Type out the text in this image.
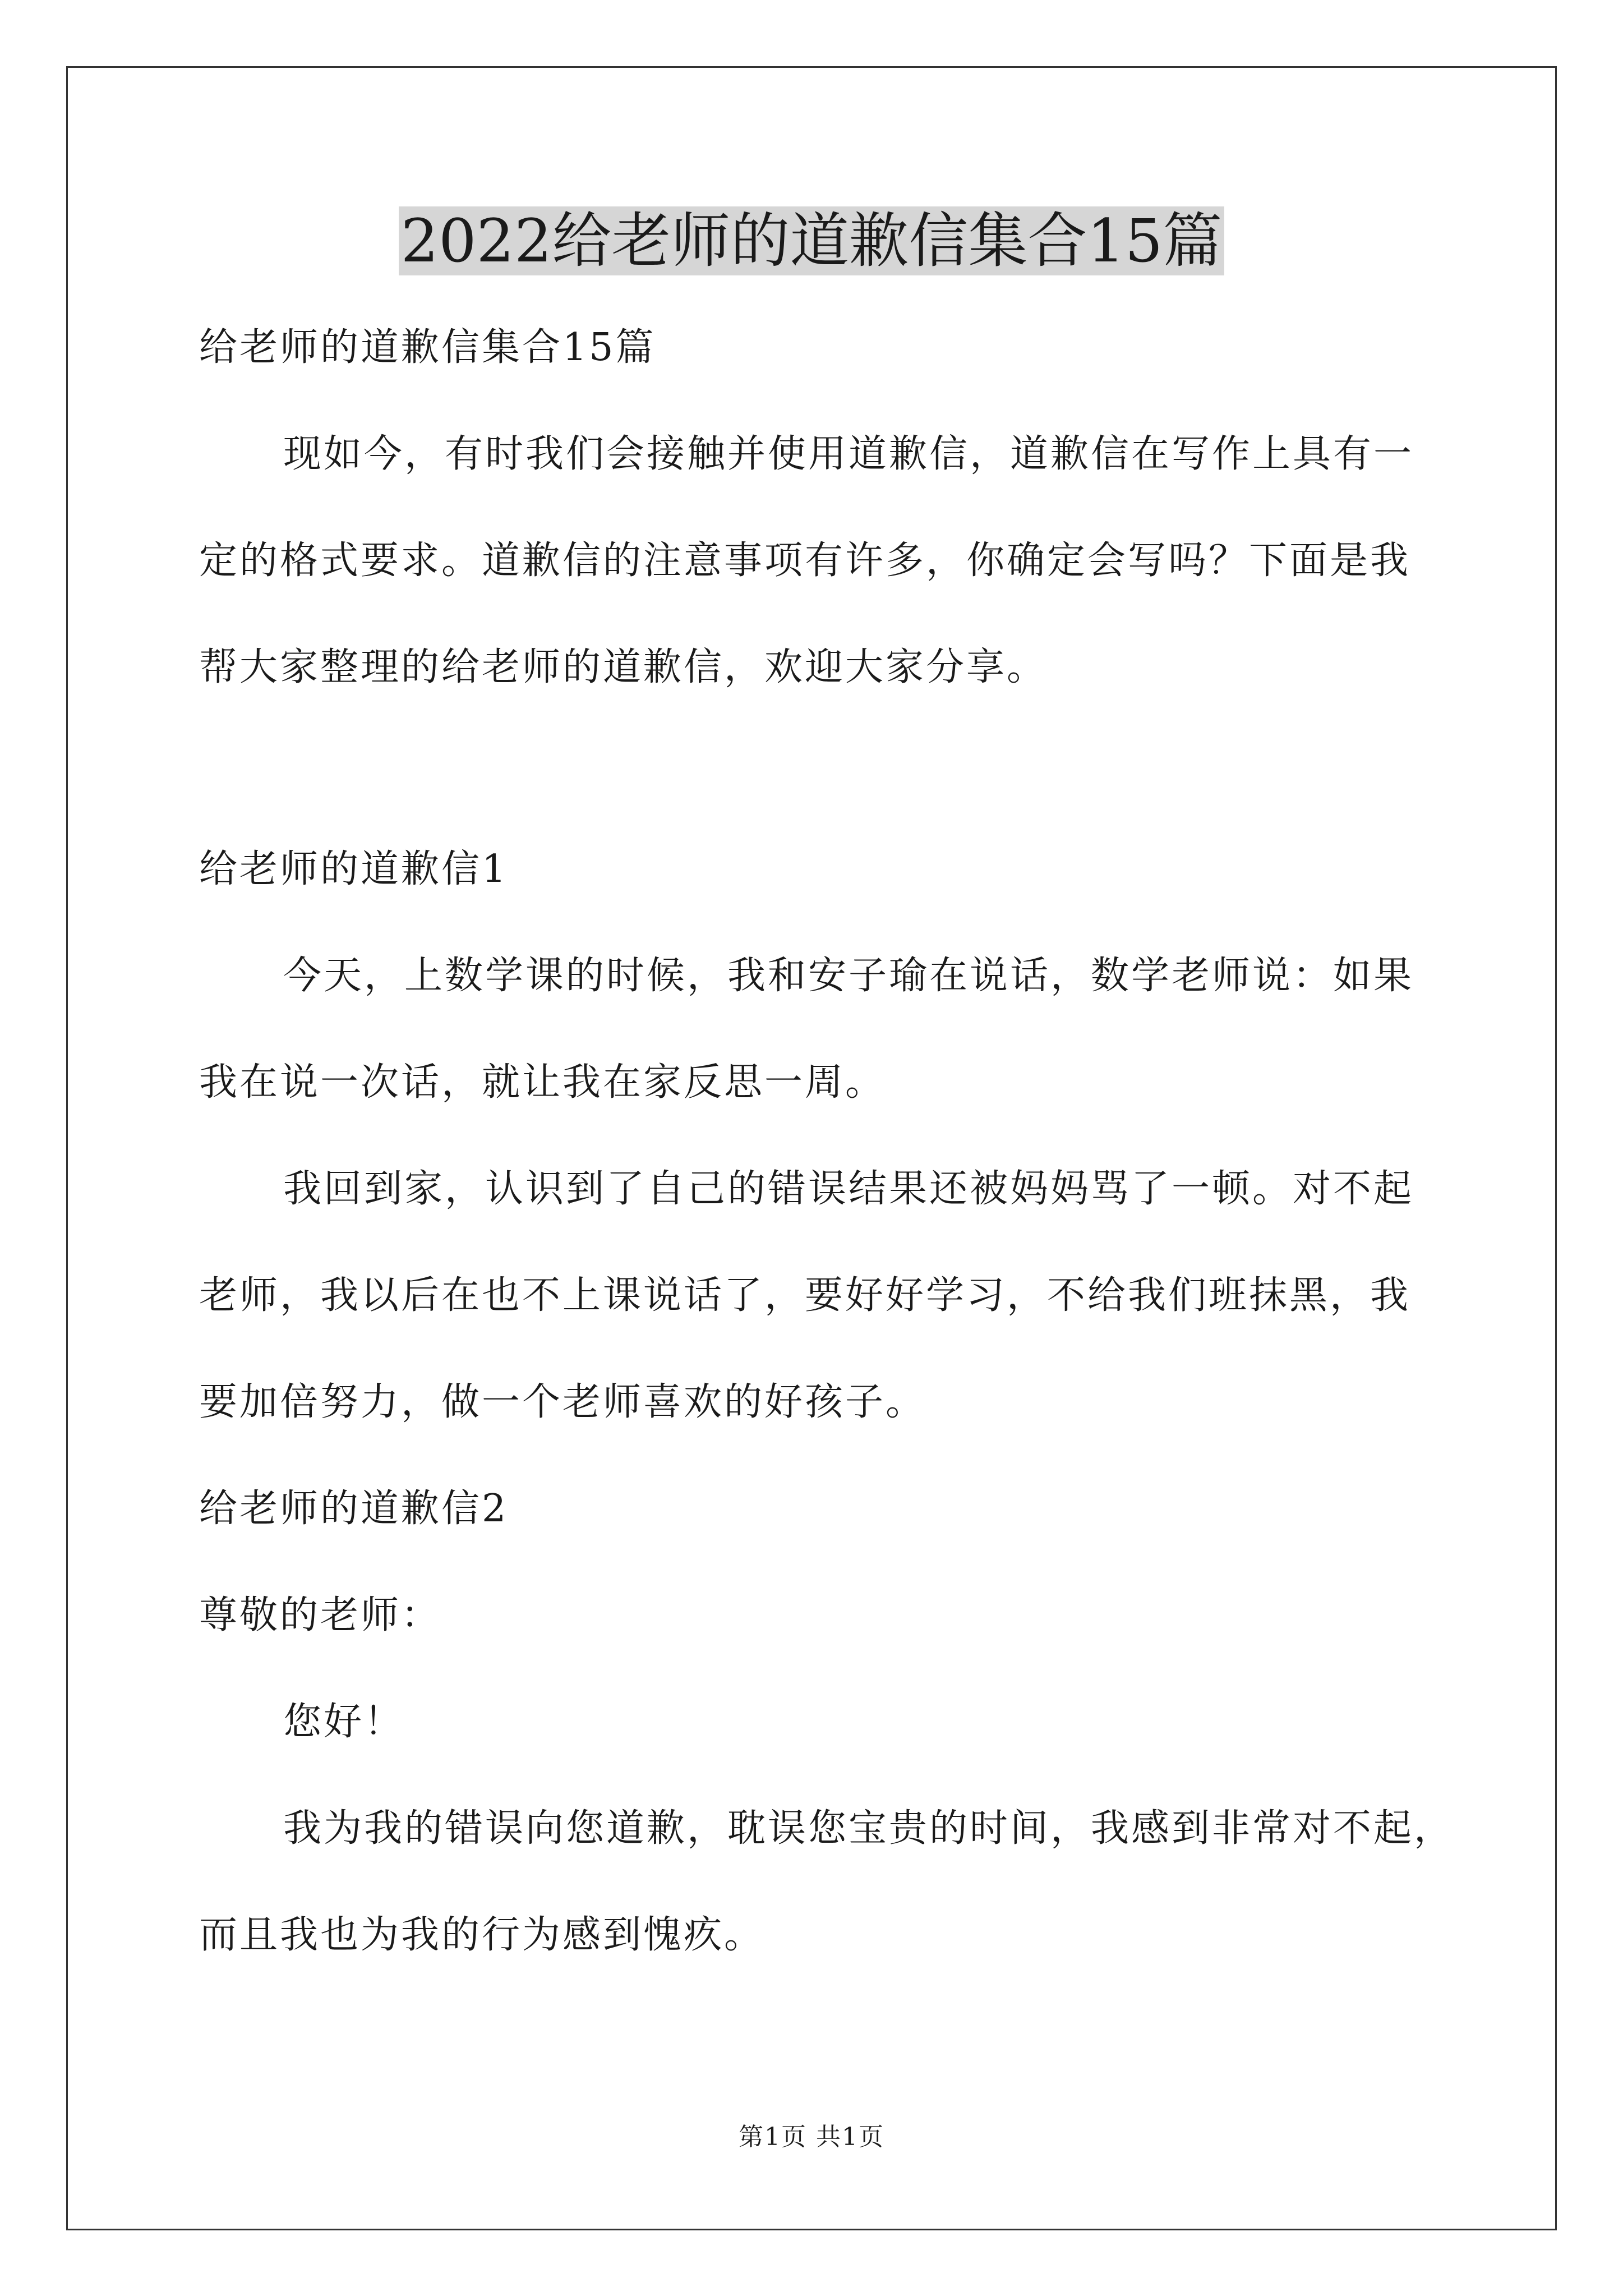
2022给老师的道歉信集合15篇
给老师的道歉信集合15篇
现如今，有时我们会接触并使用道歉信，道歉信在写作上具有一
定的格式要求。道歉信的注意事项有许多，你确定会写吗？下面是我
帮大家整理的给老师的道歉信，欢迎大家分享。
给老师的道歉信1
今天，上数学课的时候，我和安子瑜在说话，数学老师说：如果
我在说一次话，就让我在家反思一周。
我回到家，认识到了自己的错误结果还被妈妈骂了一顿。对不起
老师，我以后在也不上课说话了，要好好学习，不给我们班抹黑，我
要加倍努力，做一个老师喜欢的好孩子。
给老师的道歉信2
尊敬的老师：
您好！
我为我的错误向您道歉，耽误您宝贵的时间，我感到非常对不起，
而且我也为我的行为感到愧疚。
第1页 共1页
